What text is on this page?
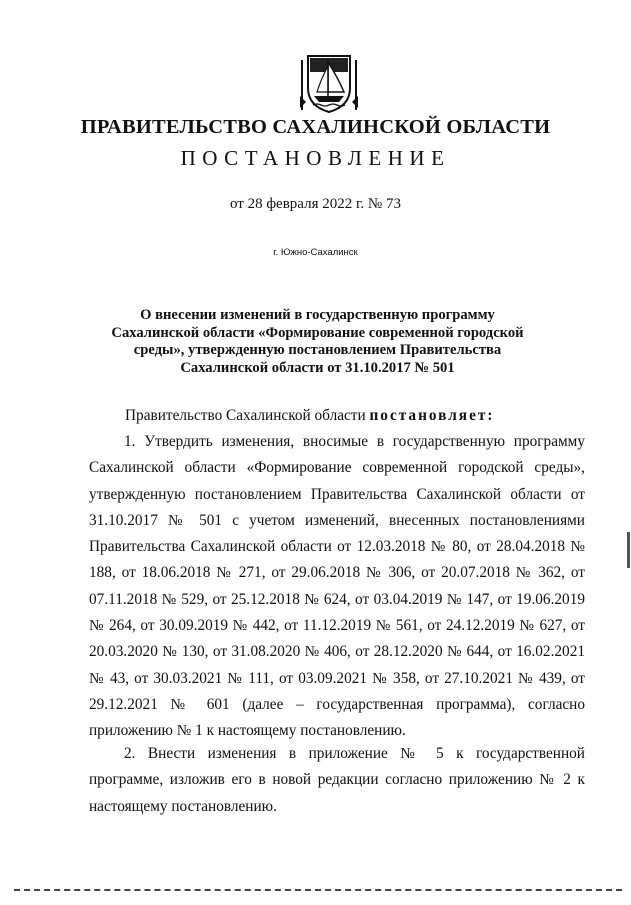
ПРАВИТЕЛЬСТВО САХАЛИНСКОЙ ОБЛАСТИ
ПОСТАНОВЛЕНИЕ
от 28 февраля 2022 г. № 73
г. Южно-Сахалинск
О внесении изменений в государственную программу Сахалинской области «Формирование современной городской среды», утвержденную постановлением Правительства Сахалинской области от 31.10.2017 № 501
Правительство Сахалинской области постановляет:
1. Утвердить изменения, вносимые в государственную программу Сахалинской области «Формирование современной городской среды», утвержденную постановлением Правительства Сахалинской области от 31.10.2017 № 501 с учетом изменений, внесенных постановлениями Правительства Сахалинской области от 12.03.2018 № 80, от 28.04.2018 № 188, от 18.06.2018 № 271, от 29.06.2018 № 306, от 20.07.2018 № 362, от 07.11.2018 № 529, от 25.12.2018 № 624, от 03.04.2019 № 147, от 19.06.2019 № 264, от 30.09.2019 № 442, от 11.12.2019 № 561, от 24.12.2019 № 627, от 20.03.2020 № 130, от 31.08.2020 № 406, от 28.12.2020 № 644, от 16.02.2021 № 43, от 30.03.2021 № 111, от 03.09.2021 № 358, от 27.10.2021 № 439, от 29.12.2021 № 601 (далее – государственная программа), согласно приложению № 1 к настоящему постановлению.
2. Внести изменения в приложение № 5 к государственной программе, изложив его в новой редакции согласно приложению № 2 к настоящему постановлению.
